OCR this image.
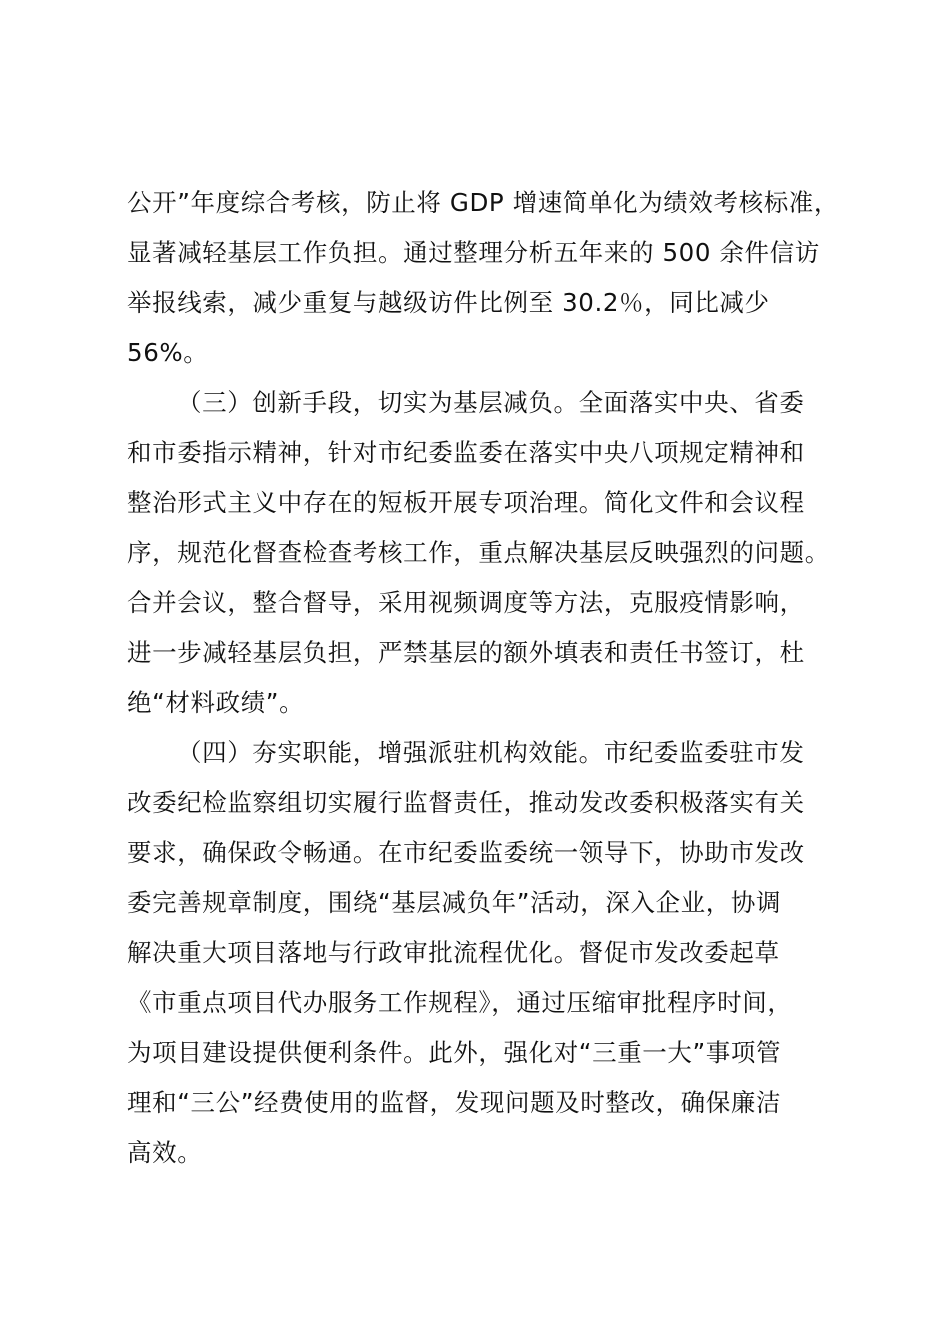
公开”年度综合考核，防止将 GDP 增速简单化为绩效考核标准，
显著减轻基层工作负担。通过整理分析五年来的 500 余件信访
举报线索，减少重复与越级访件比例至 30.2％，同比减少
56%。
（三）创新手段，切实为基层减负。全面落实中央、省委
和市委指示精神，针对市纪委监委在落实中央八项规定精神和
整治形式主义中存在的短板开展专项治理。简化文件和会议程
序，规范化督查检查考核工作，重点解决基层反映强烈的问题。
合并会议，整合督导，采用视频调度等方法，克服疫情影响，
进一步减轻基层负担，严禁基层的额外填表和责任书签订，杜
绝“材料政绩”。
（四）夯实职能，增强派驻机构效能。市纪委监委驻市发
改委纪检监察组切实履行监督责任，推动发改委积极落实有关
要求，确保政令畅通。在市纪委监委统一领导下，协助市发改
委完善规章制度，围绕“基层减负年”活动，深入企业，协调
解决重大项目落地与行政审批流程优化。督促市发改委起草
《市重点项目代办服务工作规程》，通过压缩审批程序时间，
为项目建设提供便利条件。此外，强化对“三重一大”事项管
理和“三公”经费使用的监督，发现问题及时整改，确保廉洁
高效。
